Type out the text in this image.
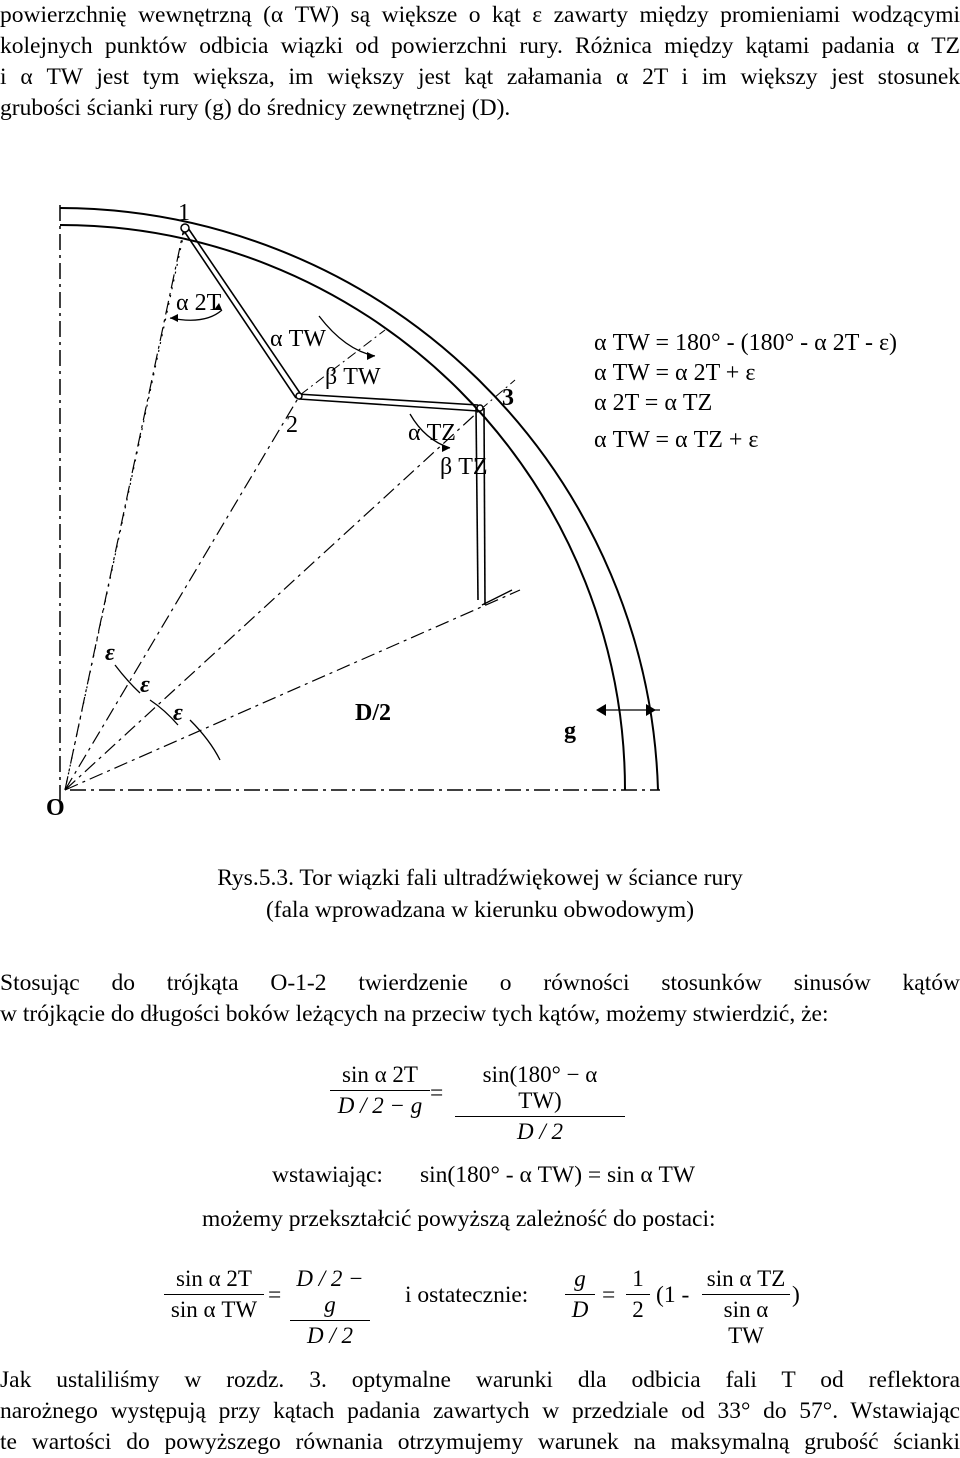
powierzchnię wewnętrzną (α TW) są większe o kąt ε zawarty między promieniami wodzącymi
kolejnych punktów odbicia wiązki od powierzchni rury. Różnica między kątami padania α TZ
i α TW jest tym większa, im większy jest kąt załamania α 2T i im większy jest stosunek
grubości ścianki rury (g) do średnicy zewnętrznej (D).
1
2
3
O
α 2T
α TW
β TW
α TZ
β TZ
ε
ε
ε	D/2
g
α TW = 180° - (180° - α 2T - ε)
α TW = α 2T + ε
α 2T = α TZ
α TW = α TZ + ε
Rys.5.3. Tor wiązki fali ultradźwiękowej w ściance rury
(fala wprowadzana w kierunku obwodowym)
Stosując do trójkąta O-1-2 twierdzenie o równości stosunków sinusów kątów
w trójkącie do długości boków leżących na przeciw tych kątów, możemy stwierdzić, że:
sin α 2T
D / 2 − g =
sin(180° − α TW)
D / 2
wstawiając: sin(180° - α TW) = sin α TW
możemy przekształcić powyższą zależność do postaci:
sin α 2T
sin α TW
=
D / 2 − g
D / 2
i ostatecznie:
g
D
=
1
2
(1 -
sin α TZ
sin α TW
)
Jak ustaliliśmy w rozdz. 3. optymalne warunki dla odbicia fali T od reflektora
narożnego występują przy kątach padania zawartych w przedziale od 33° do 57°. Wstawiając
te wartości do powyższego równania otrzymujemy warunek na maksymalną grubość ścianki
